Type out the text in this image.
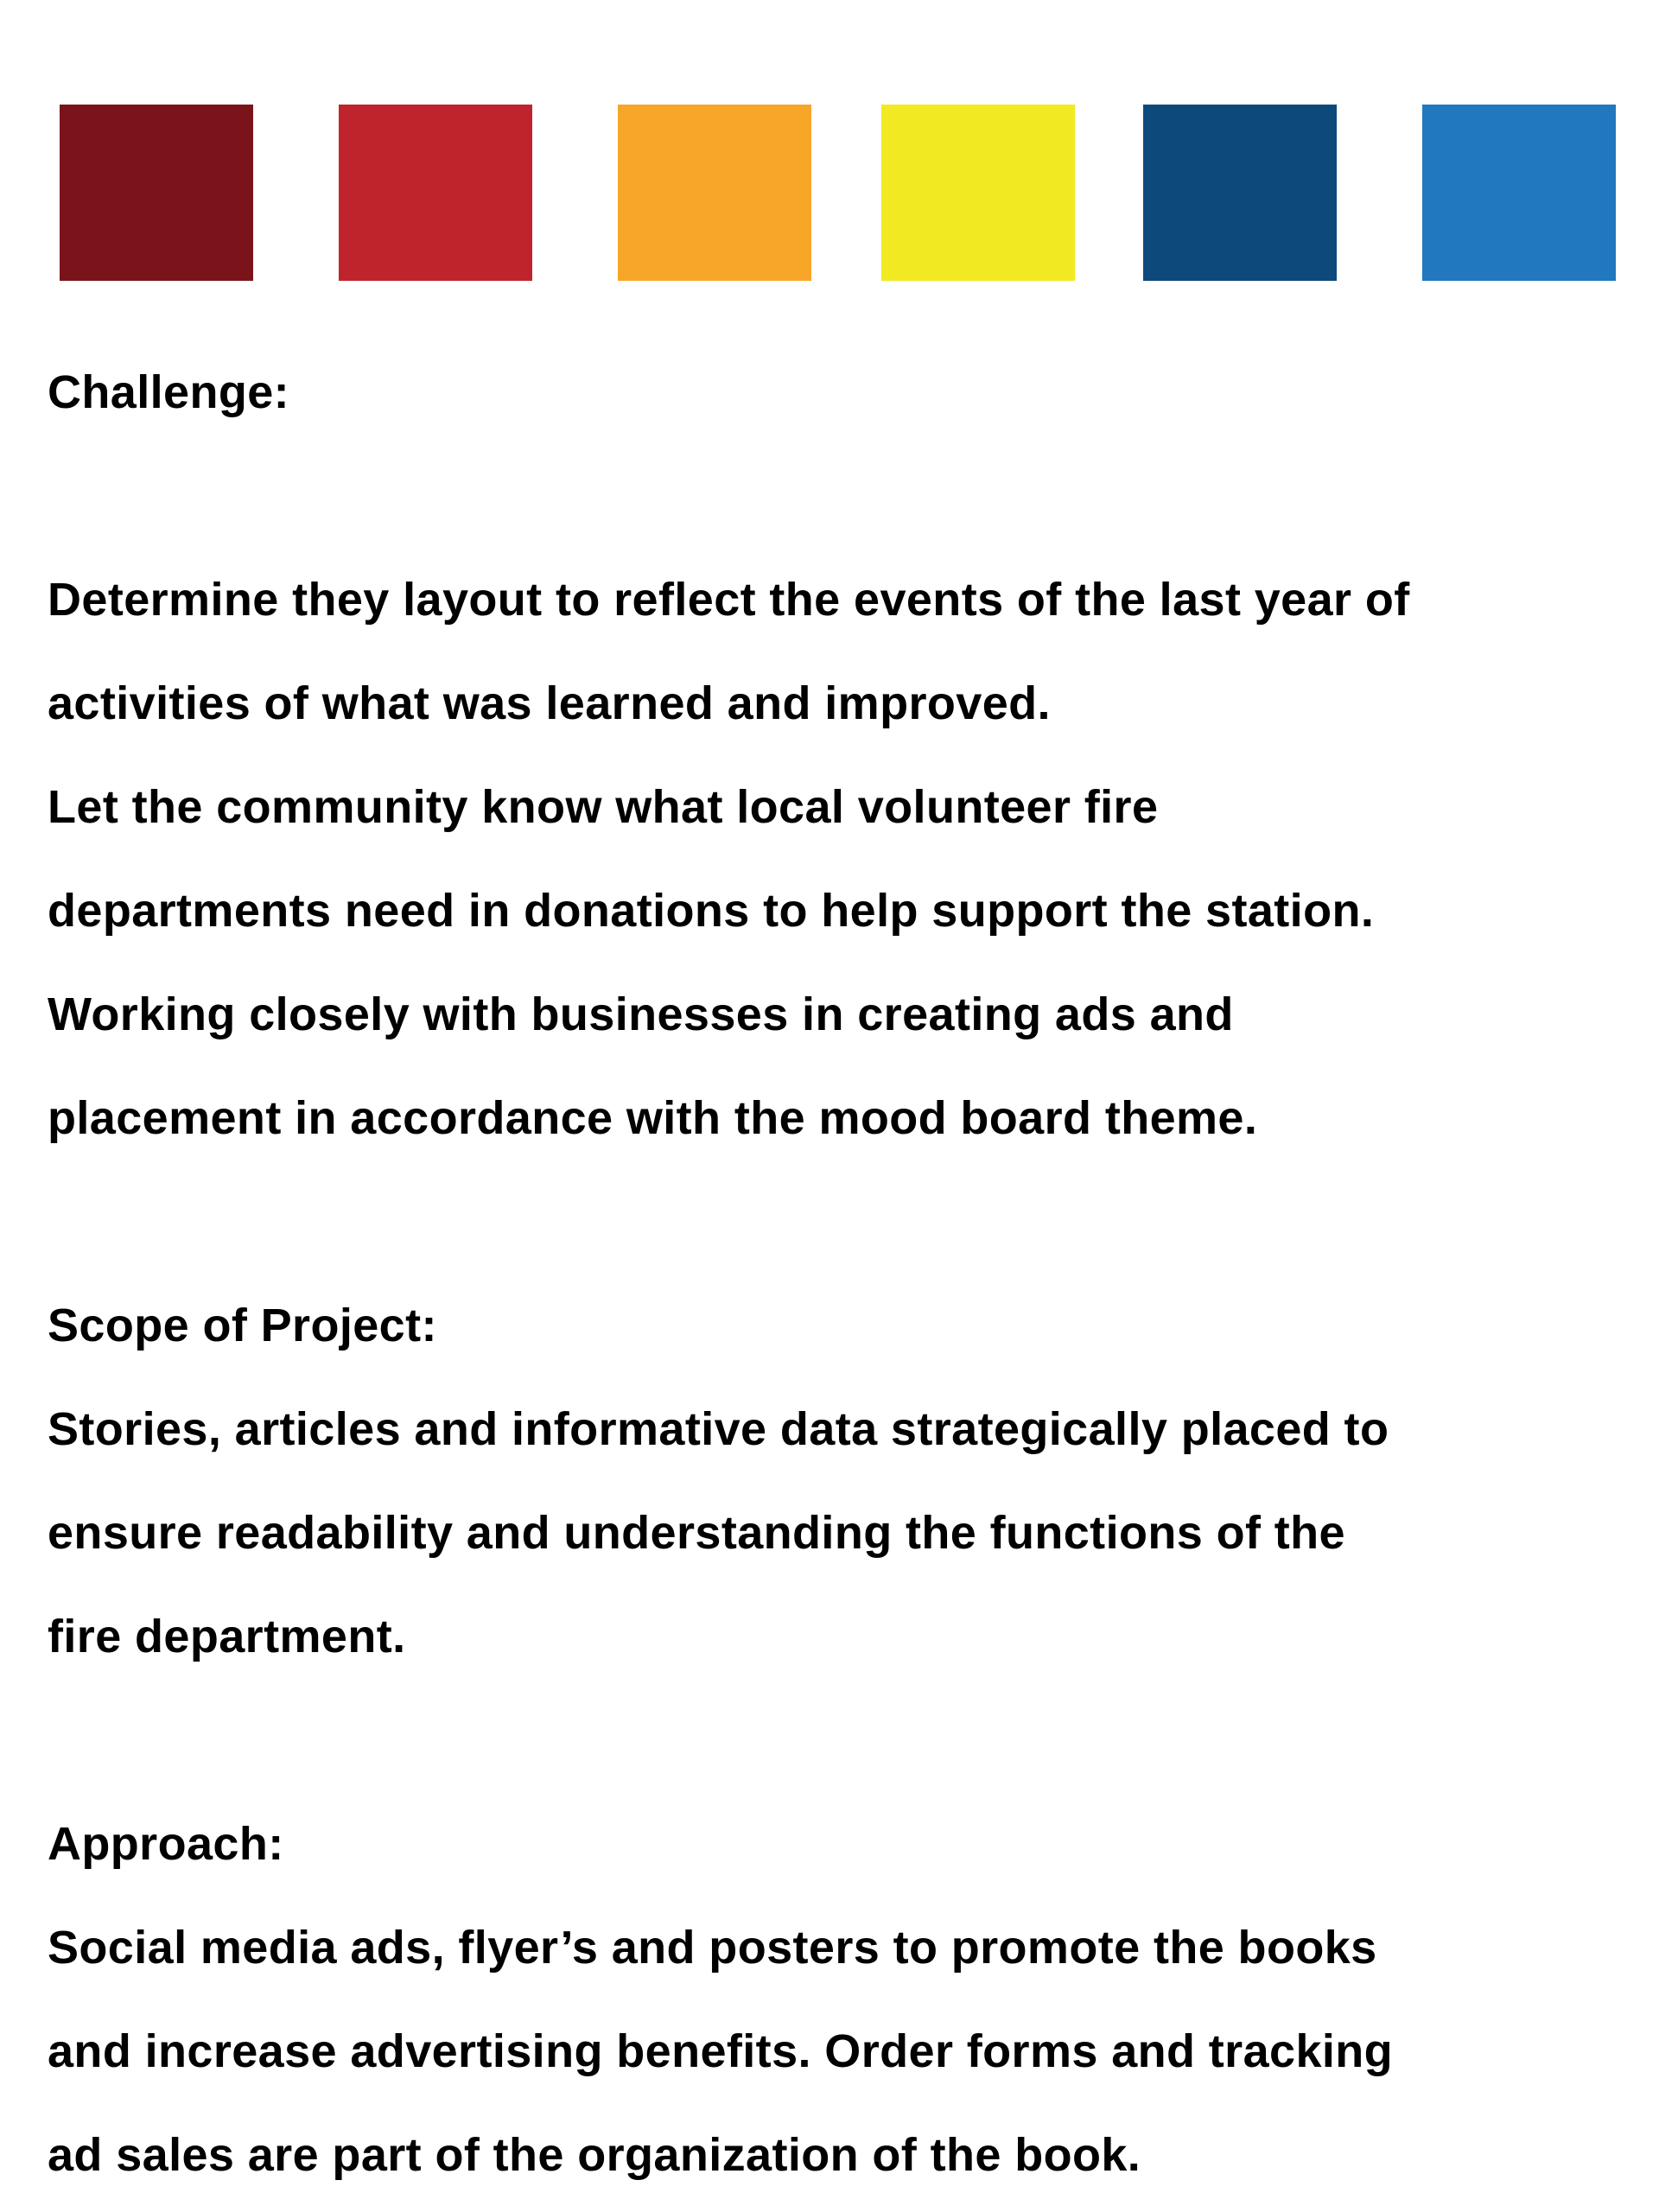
Challenge:
Determine they layout to reflect the events of the last year of
activities of what was learned and improved.
Let the community know what local volunteer fire
departments need in donations to help support the station.
Working closely with businesses in creating ads and
placement in accordance with the mood board theme.
Scope of Project:
Stories, articles and informative data strategically placed to
ensure readability and understanding the functions of the
fire department.
Approach:
Social media ads, flyer’s and posters to promote the books
and increase advertising benefits. Order forms and tracking
ad sales are part of the organization of the book.
